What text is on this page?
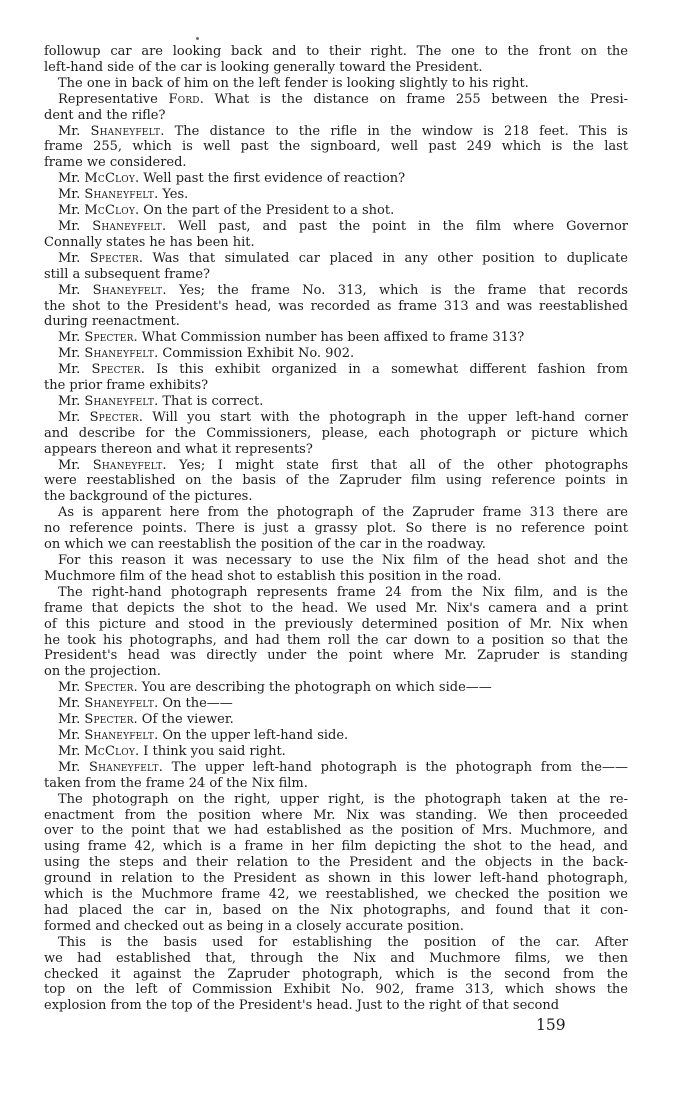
followup car are looking back and to their right. The one to the front on the
left-hand side of the car is looking generally toward the President.
The one in back of him on the left fender is looking slightly to his right.
Representative Ford. What is the distance on frame 255 between the Presi-
dent and the rifle?
Mr. Shaneyfelt. The distance to the rifle in the window is 218 feet. This is
frame 255, which is well past the signboard, well past 249 which is the last
frame we considered.
Mr. McCloy. Well past the first evidence of reaction?
Mr. Shaneyfelt. Yes.
Mr. McCloy. On the part of the President to a shot.
Mr. Shaneyfelt. Well past, and past the point in the film where Governor
Connally states he has been hit.
Mr. Specter. Was that simulated car placed in any other position to duplicate
still a subsequent frame?
Mr. Shaneyfelt. Yes; the frame No. 313, which is the frame that records
the shot to the President's head, was recorded as frame 313 and was reestablished
during reenactment.
Mr. Specter. What Commission number has been affixed to frame 313?
Mr. Shaneyfelt. Commission Exhibit No. 902.
Mr. Specter. Is this exhibit organized in a somewhat different fashion from
the prior frame exhibits?
Mr. Shaneyfelt. That is correct.
Mr. Specter. Will you start with the photograph in the upper left-hand corner
and describe for the Commissioners, please, each photograph or picture which
appears thereon and what it represents?
Mr. Shaneyfelt. Yes; I might state first that all of the other photographs
were reestablished on the basis of the Zapruder film using reference points in
the background of the pictures.
As is apparent here from the photograph of the Zapruder frame 313 there are
no reference points. There is just a grassy plot. So there is no reference point
on which we can reestablish the position of the car in the roadway.
For this reason it was necessary to use the Nix film of the head shot and the
Muchmore film of the head shot to establish this position in the road.
The right-hand photograph represents frame 24 from the Nix film, and is the
frame that depicts the shot to the head. We used Mr. Nix's camera and a print
of this picture and stood in the previously determined position of Mr. Nix when
he took his photographs, and had them roll the car down to a position so that the
President's head was directly under the point where Mr. Zapruder is standing
on the projection.
Mr. Specter. You are describing the photograph on which side——
Mr. Shaneyfelt. On the——
Mr. Specter. Of the viewer.
Mr. Shaneyfelt. On the upper left-hand side.
Mr. McCloy. I think you said right.
Mr. Shaneyfelt. The upper left-hand photograph is the photograph from the——
taken from the frame 24 of the Nix film.
The photograph on the right, upper right, is the photograph taken at the re-
enactment from the position where Mr. Nix was standing. We then proceeded
over to the point that we had established as the position of Mrs. Muchmore, and
using frame 42, which is a frame in her film depicting the shot to the head, and
using the steps and their relation to the President and the objects in the back-
ground in relation to the President as shown in this lower left-hand photograph,
which is the Muchmore frame 42, we reestablished, we checked the position we
had placed the car in, based on the Nix photographs, and found that it con-
formed and checked out as being in a closely accurate position.
This is the basis used for establishing the position of the car. After
we had established that, through the Nix and Muchmore films, we then
checked it against the Zapruder photograph, which is the second from the
top on the left of Commission Exhibit No. 902, frame 313, which shows the
explosion from the top of the President's head. Just to the right of that second
159
